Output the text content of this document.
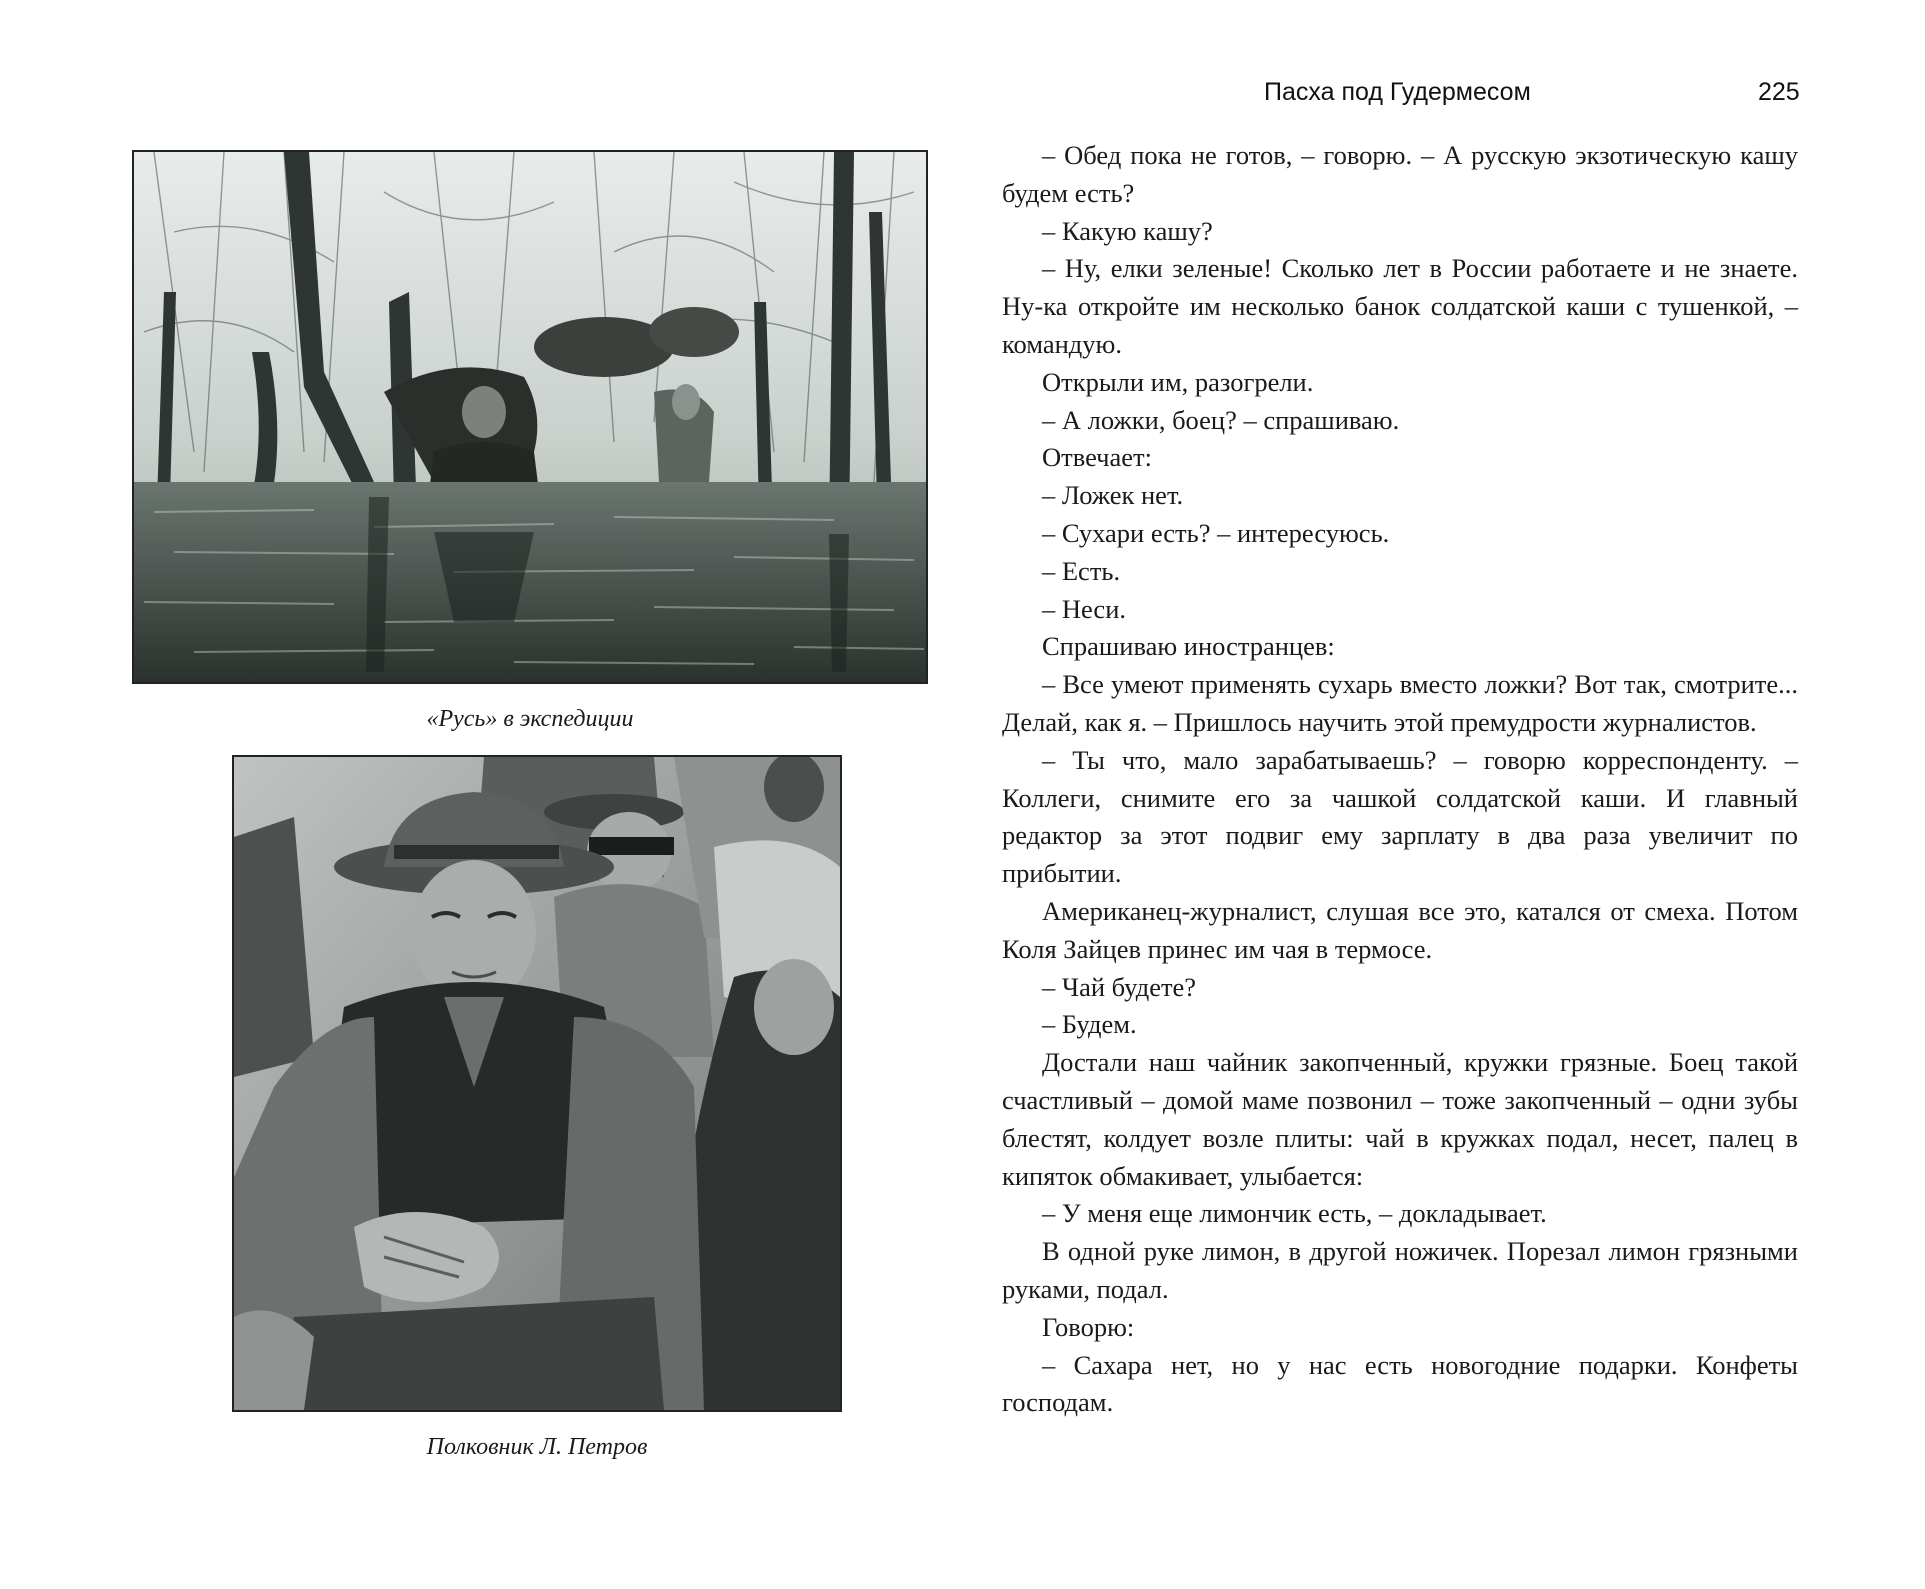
Пасха под Гудермесом	225
«Русь» в экспедиции
Полковник Л. Петров

– Обед пока не готов, – говорю. – А русскую экзотическую кашу будем есть?

– Какую кашу?

– Ну, елки зеленые! Сколько лет в России работаете и не знаете. Ну-ка откройте им несколько банок солдатской каши с тушенкой, – командую.

Открыли им, разогрели.

– А ложки, боец? – спрашиваю.

Отвечает:

– Ложек нет.

– Сухари есть? – интересуюсь.

– Есть.

– Неси.

Спрашиваю иностранцев:

– Все умеют применять сухарь вместо ложки? Вот так, смотрите... Делай, как я. – Пришлось научить этой премудрости журналистов.

– Ты что, мало зарабатываешь? – говорю корреспонденту. – Коллеги, снимите его за чашкой солдатской каши. И главный редактор за этот подвиг ему зарплату в два раза увеличит по прибытии.

Американец-журналист, слушая все это, катался от смеха. Потом Коля Зайцев принес им чая в термосе.

– Чай будете?

– Будем.

Достали наш чайник закопченный, кружки грязные. Боец такой счастливый – домой маме позвонил – тоже закопченный – одни зубы блестят, колдует возле плиты: чай в кружках подал, несет, палец в кипяток обмакивает, улыбается:

– У меня еще лимончик есть, – докладывает.

В одной руке лимон, в другой ножичек. Порезал лимон грязными руками, подал.

Говорю:

– Сахара нет, но у нас есть новогодние подарки. Конфеты господам.
